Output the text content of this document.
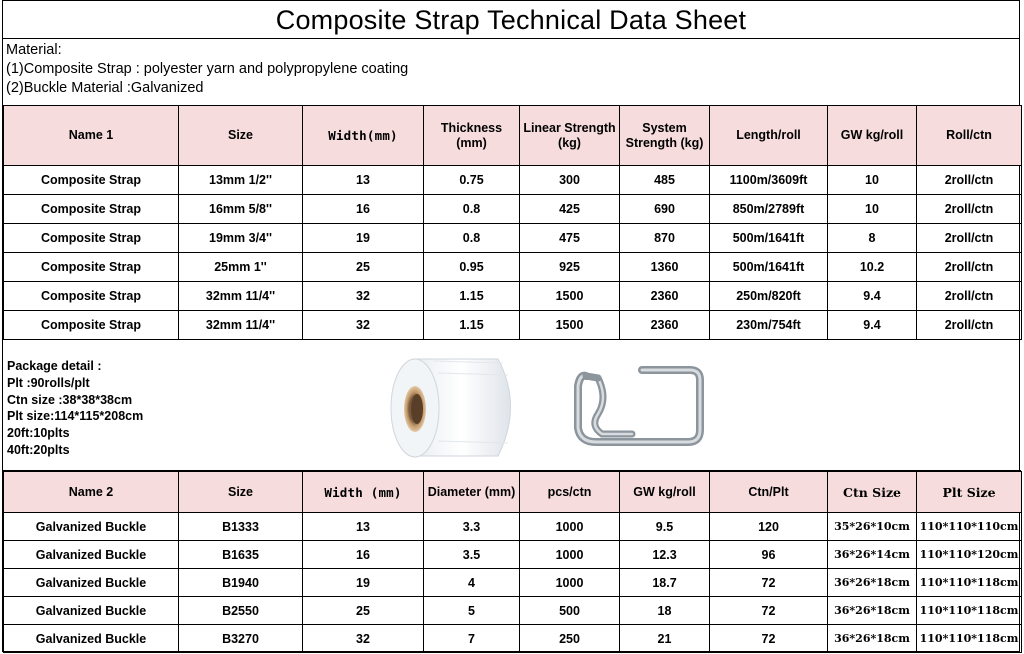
Composite Strap Technical Data Sheet
Material:
(1)Composite Strap : polyester yarn and polypropylene coating
(2)Buckle Material :Galvanized
Name 1	Size	Width(mm)	Thickness (mm)	Linear Strength (kg)	System Strength (kg)	Length/roll	GW kg/roll	Roll/ctn
Composite Strap	13mm 1/2''	13	0.75	300	485	1100m/3609ft	10	2roll/ctn
Composite Strap	16mm 5/8''	16	0.8	425	690	850m/2789ft	10	2roll/ctn
Composite Strap	19mm 3/4''	19	0.8	475	870	500m/1641ft	8	2roll/ctn
Composite Strap	25mm 1''	25	0.95	925	1360	500m/1641ft	10.2	2roll/ctn
Composite Strap	32mm 11/4''	32	1.15	1500	2360	250m/820ft	9.4	2roll/ctn
Composite Strap	32mm 11/4''	32	1.15	1500	2360	230m/754ft	9.4	2roll/ctn
Package detail :
Plt :90rolls/plt
Ctn size :38*38*38cm
Plt size:114*115*208cm
20ft:10plts
40ft:20plts
Name 2	Size	Width (mm)	Diameter (mm)	pcs/ctn	GW kg/roll	Ctn/Plt	Ctn Size	Plt Size
Galvanized Buckle	B1333	13	3.3	1000	9.5	120	35*26*10cm	110*110*110cm
Galvanized Buckle	B1635	16	3.5	1000	12.3	96	36*26*14cm	110*110*120cm
Galvanized Buckle	B1940	19	4	1000	18.7	72	36*26*18cm	110*110*118cm
Galvanized Buckle	B2550	25	5	500	18	72	36*26*18cm	110*110*118cm
Galvanized Buckle	B3270	32	7	250	21	72	36*26*18cm	110*110*118cm
